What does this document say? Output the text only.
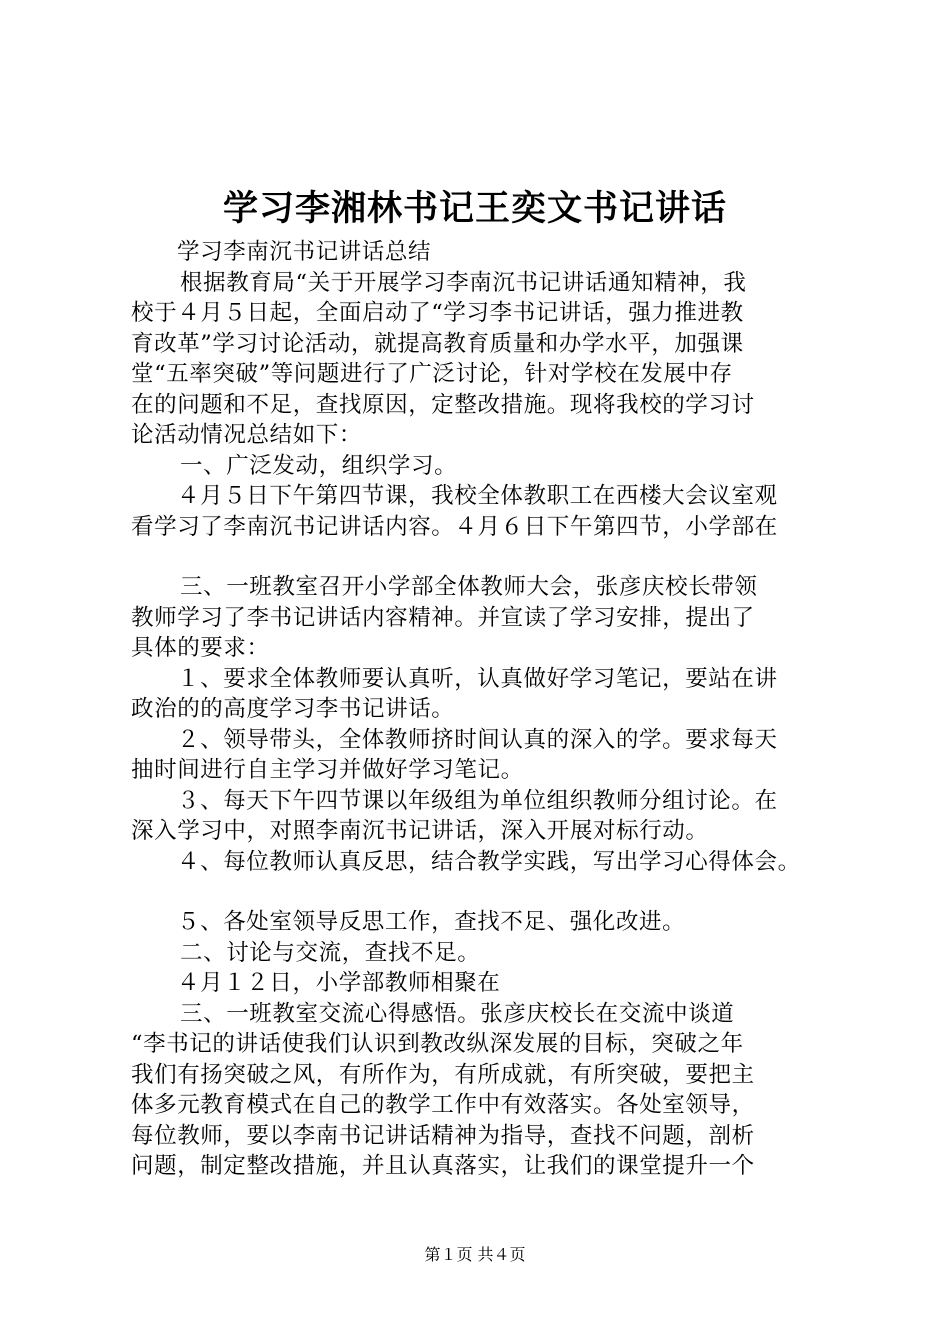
学习李湘林书记王奕文书记讲话
学习李南沉书记讲话总结
根据教育局“关于开展学习李南沉书记讲话通知精神，我
校于４月５日起，全面启动了“学习李书记讲话，强力推进教
育改革”学习讨论活动，就提高教育质量和办学水平，加强课
堂“五率突破”等问题进行了广泛讨论，针对学校在发展中存
在的问题和不足，查找原因，定整改措施。现将我校的学习讨
论活动情况总结如下：
一、广泛发动，组织学习。
４月５日下午第四节课，我校全体教职工在西楼大会议室观
看学习了李南沉书记讲话内容。４月６日下午第四节，小学部在
三、一班教室召开小学部全体教师大会，张彦庆校长带领
教师学习了李书记讲话内容精神。并宣读了学习安排，提出了
具体的要求：
１、要求全体教师要认真听，认真做好学习笔记，要站在讲
政治的的高度学习李书记讲话。
２、领导带头，全体教师挤时间认真的深入的学。要求每天
抽时间进行自主学习并做好学习笔记。
３、每天下午四节课以年级组为单位组织教师分组讨论。在
深入学习中，对照李南沉书记讲话，深入开展对标行动。
４、每位教师认真反思，结合教学实践，写出学习心得体会。
５、各处室领导反思工作，查找不足、强化改进。
二、讨论与交流，查找不足。
４月１２日，小学部教师相聚在
三、一班教室交流心得感悟。张彦庆校长在交流中谈道
“李书记的讲话使我们认识到教改纵深发展的目标，突破之年
我们有扬突破之风，有所作为，有所成就，有所突破，要把主
体多元教育模式在自己的教学工作中有效落实。各处室领导，
每位教师，要以李南书记讲话精神为指导，查找不问题，剖析
问题，制定整改措施，并且认真落实，让我们的课堂提升一个
第１页 共４页
